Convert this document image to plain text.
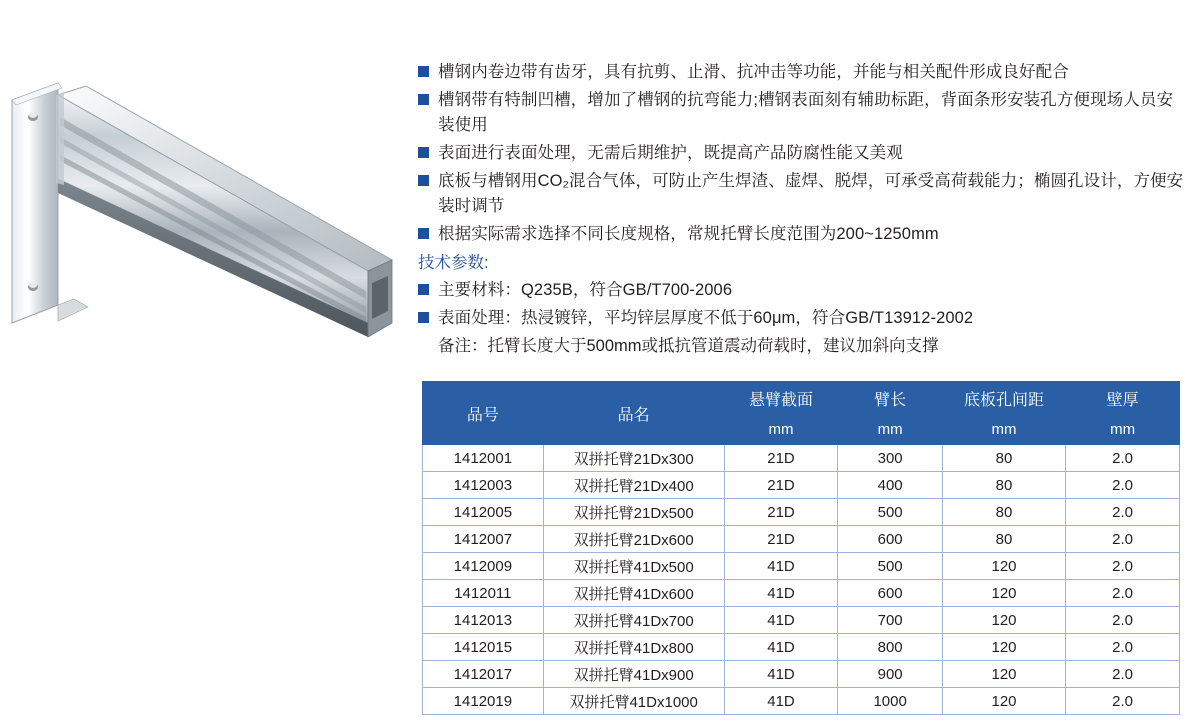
槽钢内卷边带有齿牙，具有抗剪、止滑、抗冲击等功能，并能与相关配件形成良好配合
槽钢带有特制凹槽，增加了槽钢的抗弯能力;槽钢表面刻有辅助标距，背面条形安装孔方便现场人员安装使用
表面进行表面处理，无需后期维护，既提高产品防腐性能又美观
底板与槽钢用CO₂混合气体，可防止产生焊渣、虚焊、脱焊，可承受高荷载能力；椭圆孔设计，方便安装时调节
根据实际需求选择不同长度规格，常规托臂长度范围为200~1250mm
技术参数:
主要材料：Q235B，符合GB/T700-2006
表面处理：热浸镀锌，平均锌层厚度不低于60μm，符合GB/T13912-2002
备注：托臂长度大于500mm或抵抗管道震动荷载时，建议加斜向支撑
品号	品名	悬臂截面	臂长	底板孔间距	壁厚
		mm	mm	mm	mm
1412001	双拼托臂21Dx300	21D	300	80	2.0
1412003	双拼托臂21Dx400	21D	400	80	2.0
1412005	双拼托臂21Dx500	21D	500	80	2.0
1412007	双拼托臂21Dx600	21D	600	80	2.0
1412009	双拼托臂41Dx500	41D	500	120	2.0
1412011	双拼托臂41Dx600	41D	600	120	2.0
1412013	双拼托臂41Dx700	41D	700	120	2.0
1412015	双拼托臂41Dx800	41D	800	120	2.0
1412017	双拼托臂41Dx900	41D	900	120	2.0
1412019	双拼托臂41Dx1000	41D	1000	120	2.0
